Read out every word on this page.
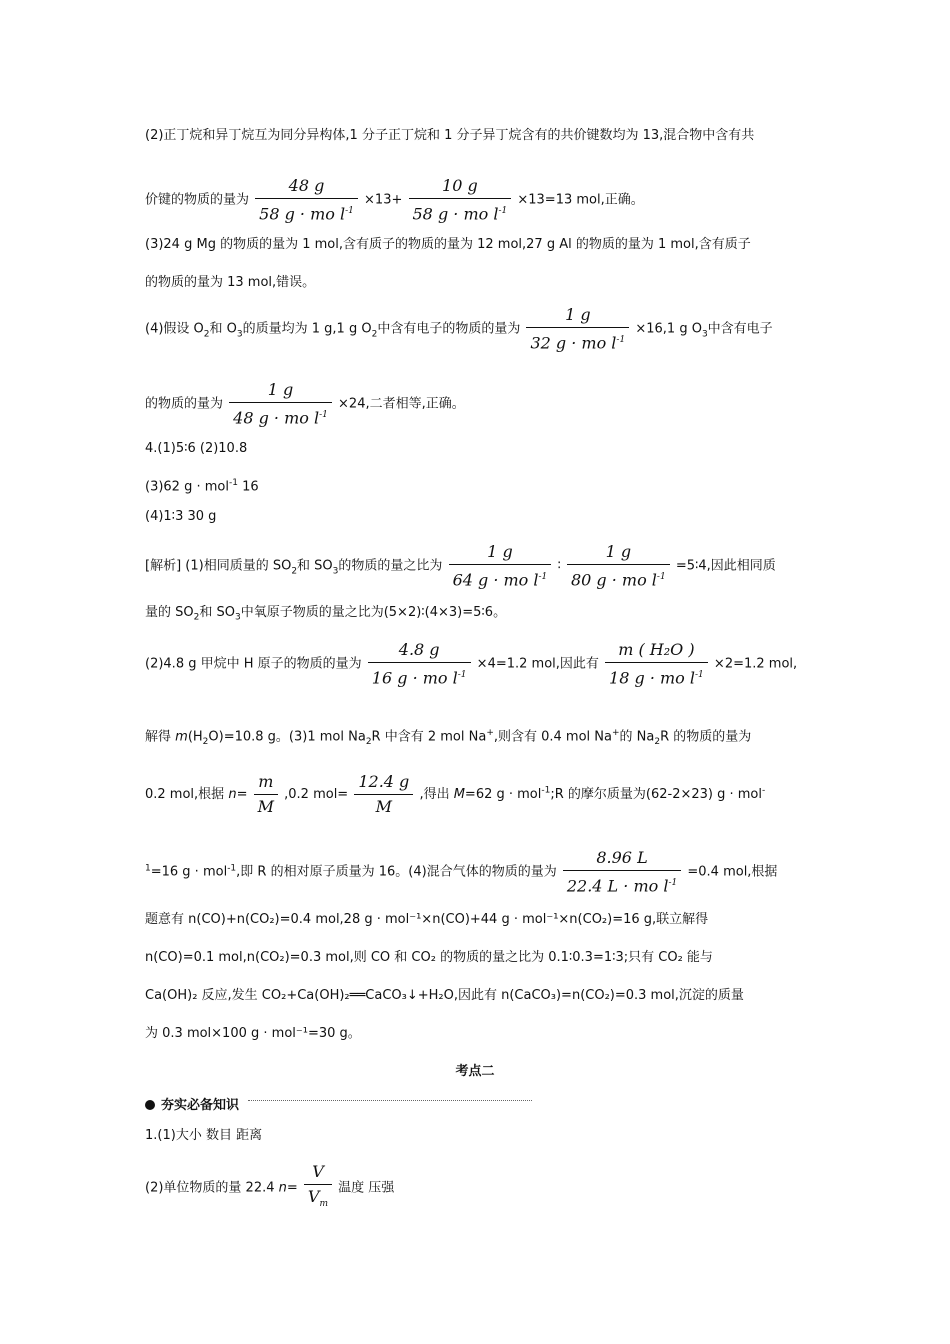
(2)正丁烷和异丁烷互为同分异构体,1 分子正丁烷和 1 分子异丁烷含有的共价键数均为 13,混合物中含有共
价键的物质的量为 $\frac{48 g}{58 g \cdot mo l^{-1}} \times 13+ \frac{10 g}{58 g \cdot mo l^{-1}} \times 13=13$ mol,正确。
(3)24 g Mg 的物质的量为 1 mol,含有质子的物质的量为 12 mol,27 g Al 的物质的量为 1 mol,含有质子
的物质的量为 13 mol,错误。
(4)假设 $O_2$和 $O_3$的质量均为 1 g,1 g $O_2$中含有电子的物质的量为 $\frac{1 g}{32 g \cdot mo l^{-1}} \times 16,1$ g $O_3$中含有电子
的物质的量为 $\frac{1 g}{48 g \cdot mo l^{-1}} \times 24$,二者相等,正确。
4.(1)5∶6 (2)10.8
(3)62 g · mol$^{-1}$ 16
(4)1∶3 30 g
[解析] (1)相同质量的 $SO_2$和 $SO_3$的物质的量之比为 $\frac{1 g}{64 g \cdot mo l^{-1}}$ ∶ $\frac{1 g}{80 g \cdot mo l^{-1}}$ =5∶4,因此相同质
量的 $SO_2$和 $SO_3$中氧原子物质的量之比为(5×2)∶(4×3)=5∶6。
(2)4.8 g 甲烷中 H 原子的物质的量为 $\frac{4.8 g}{16 g \cdot mo l^{-1}} \times 4=1.2$ mol,因此有 $\frac{\text{m ( H₂O )}}{18 g \cdot mo l^{-1}} \times 2=1.2$ mol,
解得 $m(H_2O)=10.8$ g。(3)1 mol $Na_2R$ 中含有 2 mol Na+,则含有 0.4 mol Na+的 $Na_2R$ 的物质的量为
0.2 mol,根据 $n= \frac{m}{M} ,0.2$ $mol= \frac{12.4 g}{M}$ ,得出 M=62 g · mol$^{-1}$;R 的摩尔质量为(62-2×23) g · mol-
$^1$=16 g · mol$^{-1}$,即 R 的相对原子质量为 16。(4)混合气体的物质的量为 $\frac{8.96 L}{22.4 L \cdot mo l^{-1}} =0.4$ mol,根据
题意有 n(CO)+n(CO₂)=0.4 mol,28 g · mol⁻¹×n(CO)+44 g · mol⁻¹×n(CO₂)=16 g,联立解得
n(CO)=0.1 mol,n(CO₂)=0.3 mol,则 CO 和 CO₂ 的物质的量之比为 0.1∶0.3=1∶3;只有 CO₂ 能与
Ca(OH)₂ 反应,发生 CO₂+Ca(OH)₂══CaCO₃↓+H₂O,因此有 n(CaCO₃)=n(CO₂)=0.3 mol,沉淀的质量
为 0.3 mol×100 g · mol⁻¹=30 g。
考点二
夯实必备知识
1.(1)大小 数目 距离
(2)单位物质的量 22.4 $n= \frac{V}{V_m}$ 温度 压强
